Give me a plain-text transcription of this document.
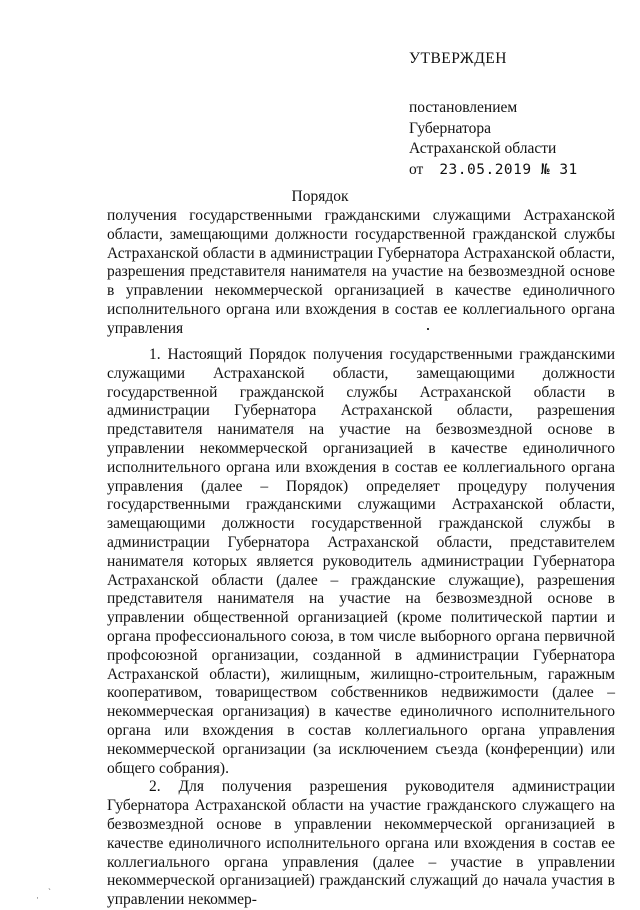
УТВЕРЖДЕН
постановлением
Губернатора
Астраханской области
от 23.05.2019 № 31
Порядок
получения государственными гражданскими служащими Астраханской области, замещающими должности государственной гражданской службы Астраханской области в администрации Губернатора Астраханской области, разрешения представителя нанимателя на участие на безвозмездной основе в управлении некоммерческой организацией в качестве единоличного исполнительного органа или вхождения в состав ее коллегиального органа управления

1. Настоящий Порядок получения государственными гражданскими служащими Астраханской области, замещающими должности государственной гражданской службы Астраханской области в администрации Губернатора Астраханской области, разрешения представителя нанимателя на участие на безвозмездной основе в управлении некоммерческой организацией в качестве единоличного исполнительного органа или вхождения в состав ее коллегиального органа управления (далее – Порядок) определяет процедуру получения государственными гражданскими служащими Астраханской области, замещающими должности государственной гражданской службы в администрации Губернатора Астраханской области, представителем нанимателя которых является руководитель администрации Губернатора Астраханской области (далее – гражданские служащие), разрешения представителя нанимателя на участие на безвозмездной основе в управлении общественной организацией (кроме политической партии и органа профессионального союза, в том числе выборного органа первичной профсоюзной организации, созданной в администрации Губернатора Астраханской области), жилищным, жилищно-строительным, гаражным кооперативом, товариществом собственников недвижимости (далее – некоммерческая организация) в качестве единоличного исполнительного органа или вхождения в состав коллегиального органа управления некоммерческой организации (за исключением съезда (конференции) или общего собрания).

2. Для получения разрешения руководителя администрации Губернатора Астраханской области на участие гражданского служащего на безвозмездной основе в управлении некоммерческой организацией в качестве единоличного исполнительного органа или вхождения в состав ее коллегиального органа управления (далее – участие в управлении некоммерческой организацией) гражданский служащий до начала участия в управлении некоммер-

ˏ
·
